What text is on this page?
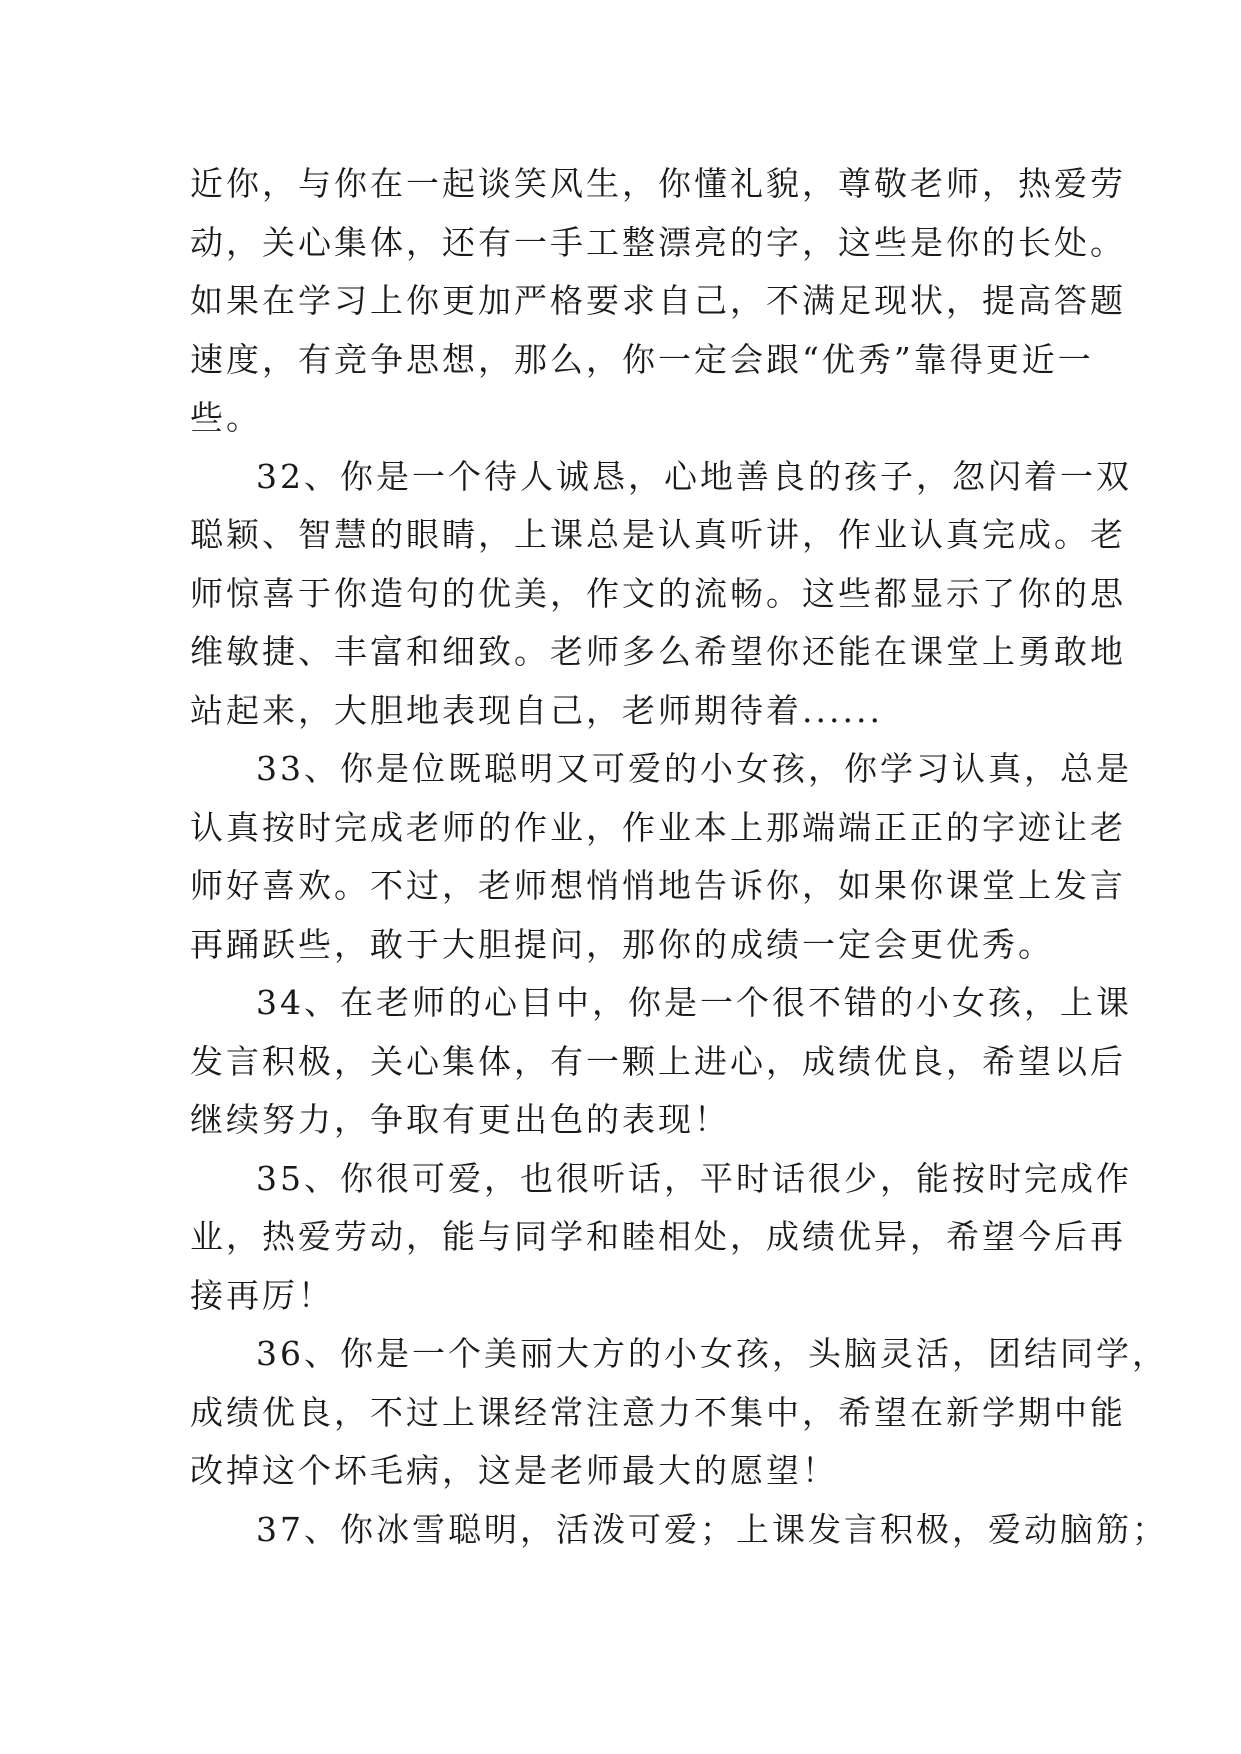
近你，与你在一起谈笑风生，你懂礼貌，尊敬老师，热爱劳
动，关心集体，还有一手工整漂亮的字，这些是你的长处。
如果在学习上你更加严格要求自己，不满足现状，提高答题
速度，有竞争思想，那么，你一定会跟“优秀”靠得更近一
些。
32、你是一个待人诚恳，心地善良的孩子，忽闪着一双
聪颖、智慧的眼睛，上课总是认真听讲，作业认真完成。老
师惊喜于你造句的优美，作文的流畅。这些都显示了你的思
维敏捷、丰富和细致。老师多么希望你还能在课堂上勇敢地
站起来，大胆地表现自己，老师期待着......
33、你是位既聪明又可爱的小女孩，你学习认真，总是
认真按时完成老师的作业，作业本上那端端正正的字迹让老
师好喜欢。不过，老师想悄悄地告诉你，如果你课堂上发言
再踊跃些，敢于大胆提问，那你的成绩一定会更优秀。
34、在老师的心目中，你是一个很不错的小女孩，上课
发言积极，关心集体，有一颗上进心，成绩优良，希望以后
继续努力，争取有更出色的表现！
35、你很可爱，也很听话，平时话很少，能按时完成作
业，热爱劳动，能与同学和睦相处，成绩优异，希望今后再
接再厉！
36、你是一个美丽大方的小女孩，头脑灵活，团结同学，
成绩优良，不过上课经常注意力不集中，希望在新学期中能
改掉这个坏毛病，这是老师最大的愿望！
37、你冰雪聪明，活泼可爱；上课发言积极，爱动脑筋；
